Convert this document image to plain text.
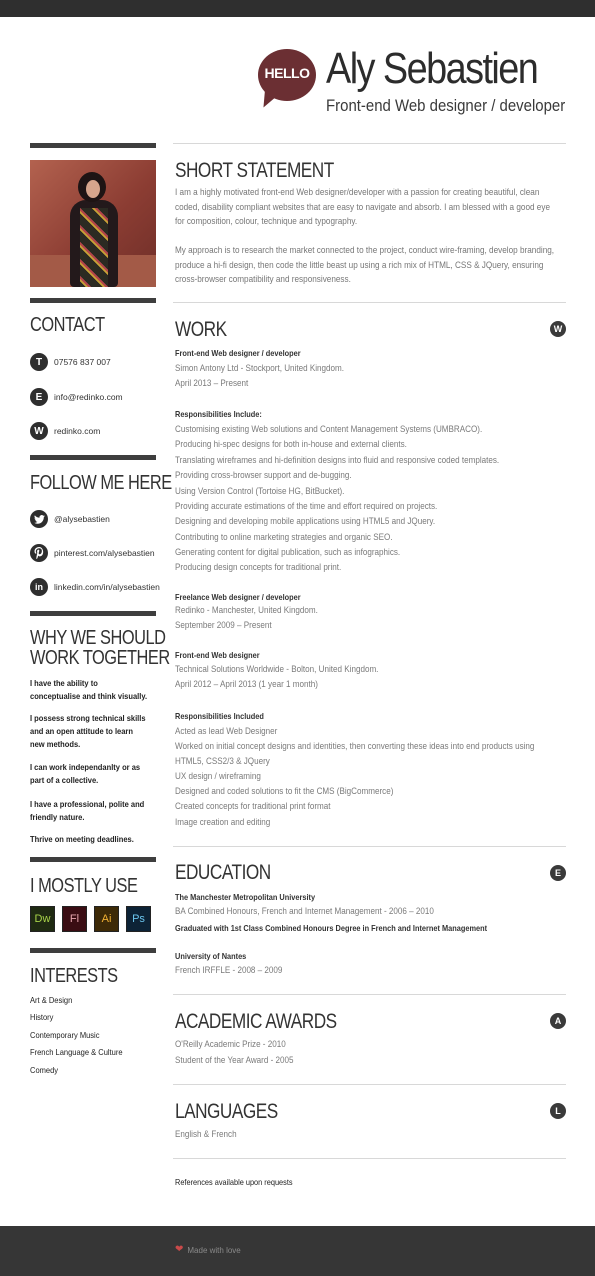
HELLO Aly Sebastien
Front-end Web designer / developer
CONTACT
T	07576 837 007
E	info@redinko.com
W	redinko.com
FOLLOW ME HERE
@alysebastien
pinterest.com/alysebastien
in	linkedin.com/in/alysebastien
WHY WE SHOULD
WORK TOGETHER
I have the ability to conceptualise and think visually.
I possess strong technical skills and an open attitude to learn new methods.
I can work independanlty or as part of a collective.
I have a professional, polite and friendly nature.
Thrive on meeting deadlines.
I MOSTLY USE
Dw	Fl	Ai	Ps
INTERESTS
Art & Design
History
Contemporary Music
French Language & Culture
Comedy
SHORT STATEMENT
I am a highly motivated front-end Web designer/developer with a passion for creating beautiful, clean coded, disability compliant websites that are easy to navigate and absorb. I am blessed with a good eye for composition, colour, technique and typography.
My approach is to research the market connected to the project, conduct wire-framing, develop branding, produce a hi-fi design, then code the little beast up using a rich mix of HTML, CSS & JQuery, ensuring cross-browser compatibility and responsiveness.
WORK	W
Front-end Web designer / developer
Simon Antony Ltd - Stockport, United Kingdom.
April 2013 – Present
Responsibilities Include:
Customising existing Web solutions and Content Management Systems (UMBRACO).
Producing hi-spec designs for both in-house and external clients.
Translating wireframes and hi-definition designs into fluid and responsive coded templates.
Providing cross-browser support and de-bugging.
Using Version Control (Tortoise HG, BitBucket).
Providing accurate estimations of the time and effort required on projects.
Designing and developing mobile applications using HTML5 and JQuery.
Contributing to online marketing strategies and organic SEO.
Generating content for digital publication, such as infographics.
Producing design concepts for traditional print.
Freelance Web designer / developer
Redinko - Manchester, United Kingdom.
September 2009 – Present
Front-end Web designer
Technical Solutions Worldwide - Bolton, United Kingdom.
April 2012 – April 2013 (1 year 1 month)
Responsibilities Included
Acted as lead Web Designer
Worked on initial concept designs and identities, then converting these ideas into end products using
HTML5, CSS2/3 & JQuery
UX design / wireframing
Designed and coded solutions to fit the CMS (BigCommerce)
Created concepts for traditional print format
Image creation and editing
EDUCATION	E
The Manchester Metropolitan University
BA Combined Honours, French and Internet Management - 2006 – 2010
Graduated with 1st Class Combined Honours Degree in French and Internet Management
University of Nantes
French IRFFLE - 2008 – 2009
ACADEMIC AWARDS	A
O'Reilly Academic Prize - 2010
Student of the Year Award - 2005
LANGUAGES	L
English & French
References available upon requests
❤ Made with love
